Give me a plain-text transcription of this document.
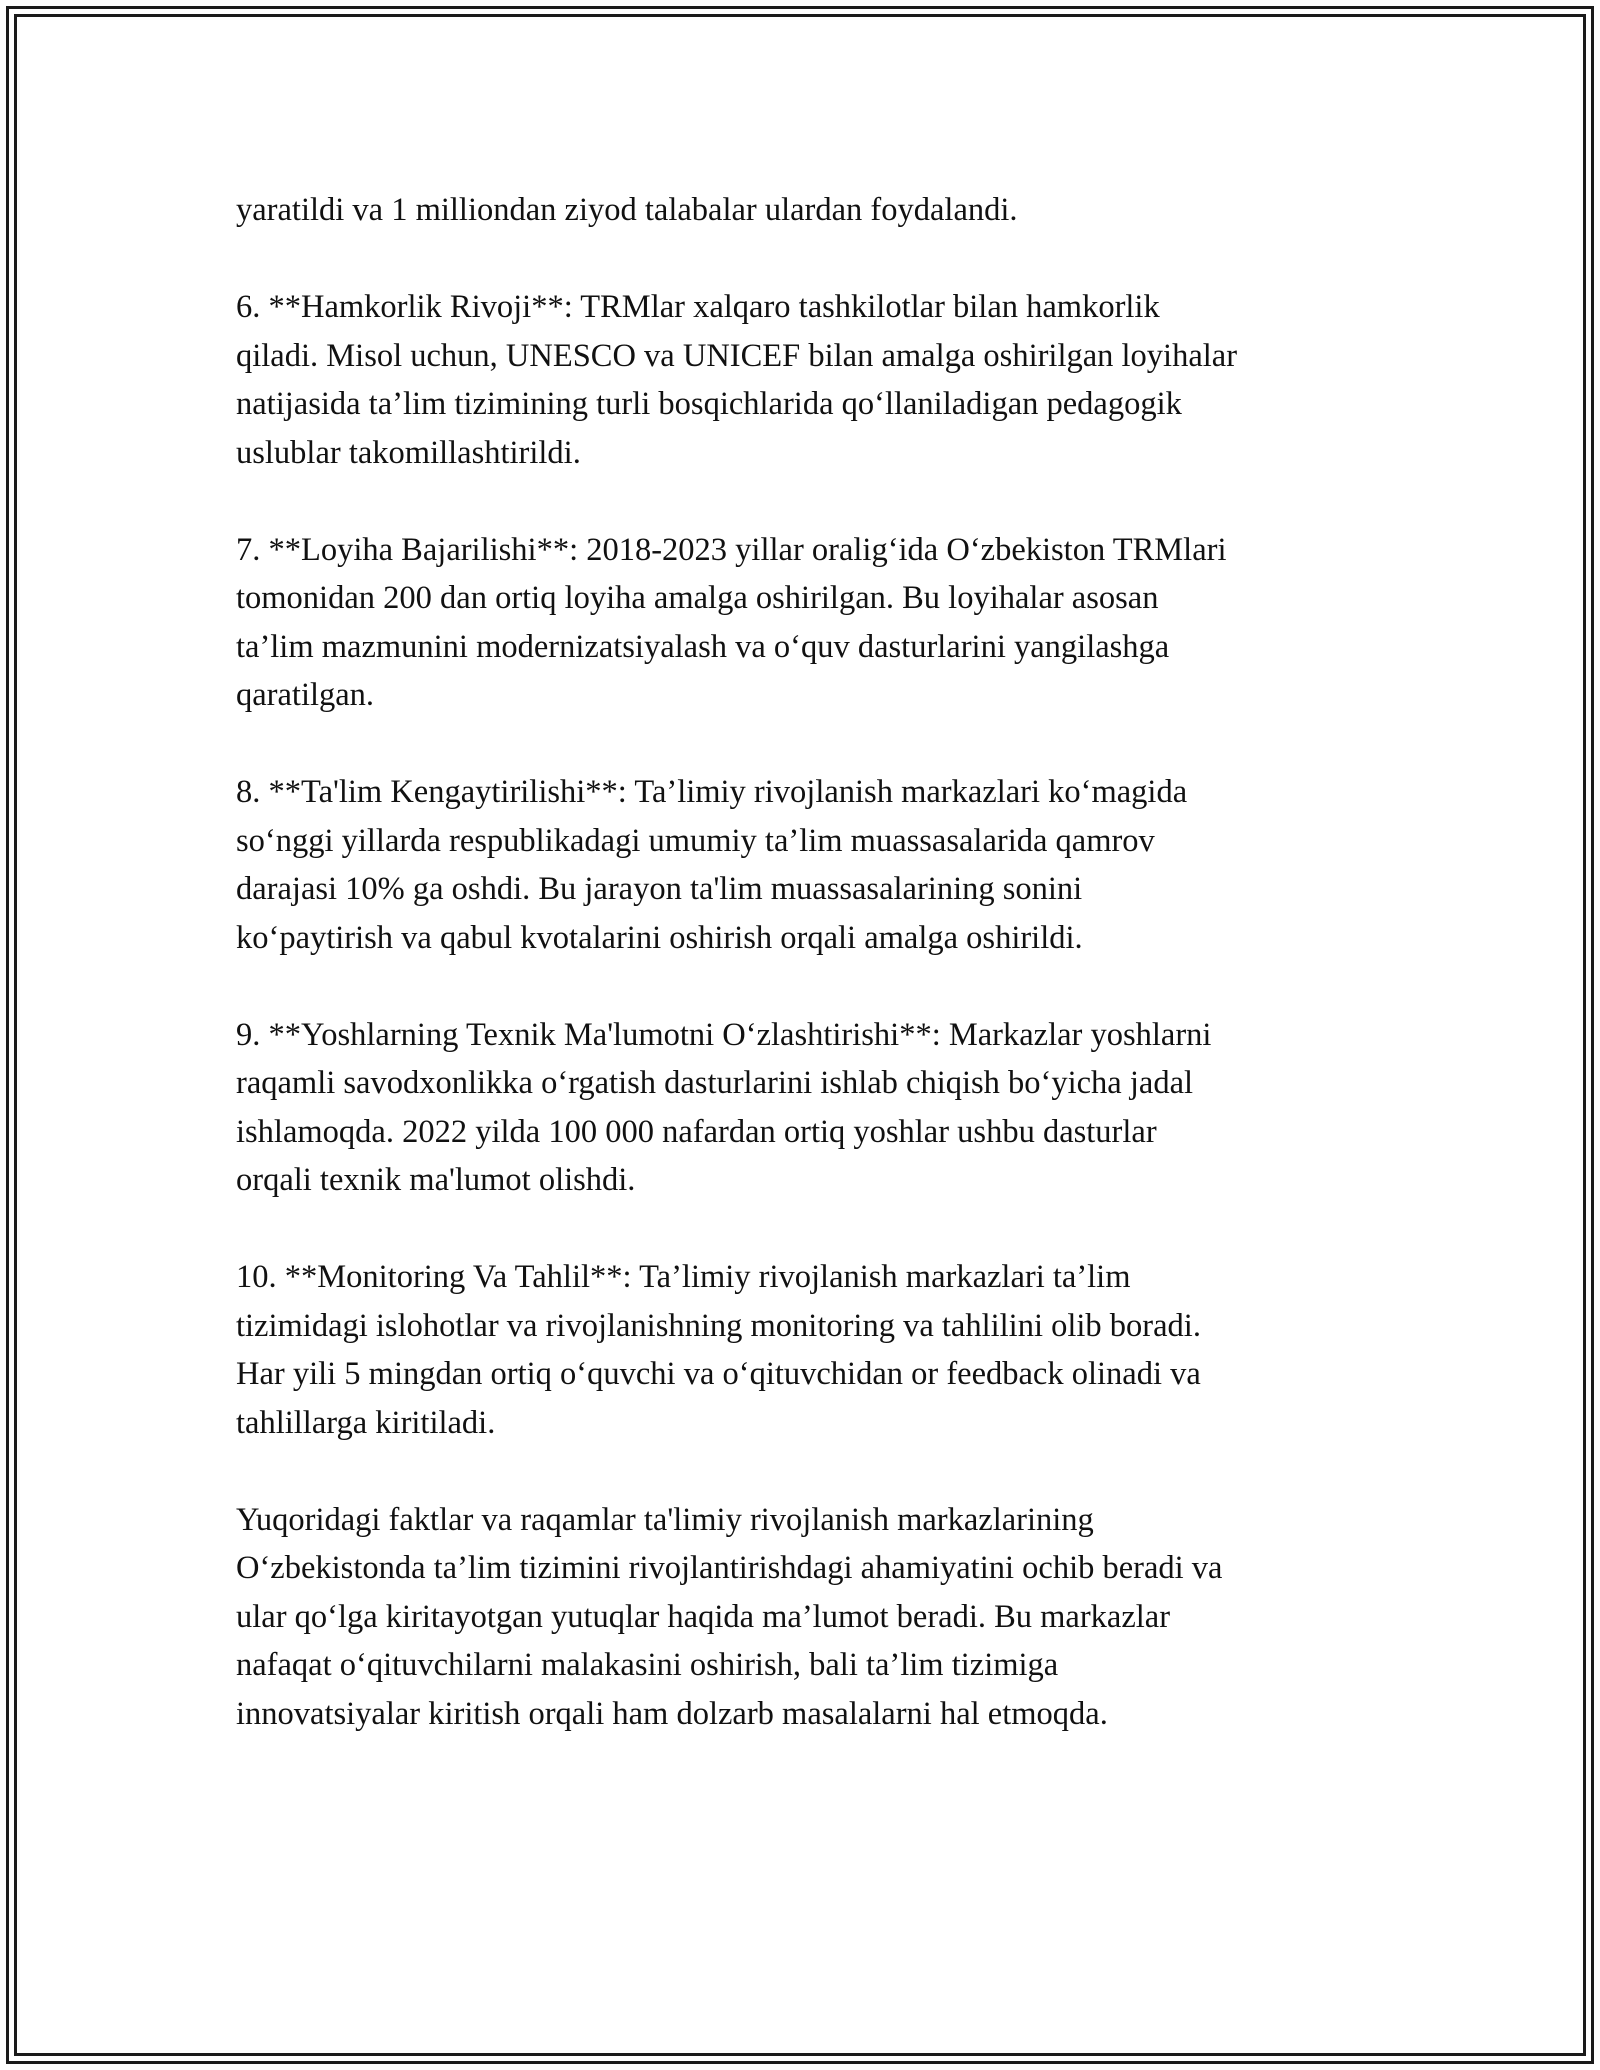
yaratildi va 1 milliondan ziyod talabalar ulardan foydalandi.

6. **Hamkorlik Rivoji**: TRMlar xalqaro tashkilotlar bilan hamkorlik
qiladi. Misol uchun, UNESCO va UNICEF bilan amalga oshirilgan loyihalar
natijasida ta’lim tizimining turli bosqichlarida qo‘llaniladigan pedagogik
uslublar takomillashtirildi.

7. **Loyiha Bajarilishi**: 2018-2023 yillar oralig‘ida O‘zbekiston TRMlari
tomonidan 200 dan ortiq loyiha amalga oshirilgan. Bu loyihalar asosan
ta’lim mazmunini modernizatsiyalash va o‘quv dasturlarini yangilashga
qaratilgan.

8. **Ta'lim Kengaytirilishi**: Ta’limiy rivojlanish markazlari ko‘magida
so‘nggi yillarda respublikadagi umumiy ta’lim muassasalarida qamrov
darajasi 10% ga oshdi. Bu jarayon ta'lim muassasalarining sonini
ko‘paytirish va qabul kvotalarini oshirish orqali amalga oshirildi.

9. **Yoshlarning Texnik Ma'lumotni O‘zlashtirishi**: Markazlar yoshlarni
raqamli savodxonlikka o‘rgatish dasturlarini ishlab chiqish bo‘yicha jadal
ishlamoqda. 2022 yilda 100 000 nafardan ortiq yoshlar ushbu dasturlar
orqali texnik ma'lumot olishdi.

10. **Monitoring Va Tahlil**: Ta’limiy rivojlanish markazlari ta’lim
tizimidagi islohotlar va rivojlanishning monitoring va tahlilini olib boradi.
Har yili 5 mingdan ortiq o‘quvchi va o‘qituvchidan or feedback olinadi va
tahlillarga kiritiladi.

Yuqoridagi faktlar va raqamlar ta'limiy rivojlanish markazlarining
O‘zbekistonda ta’lim tizimini rivojlantirishdagi ahamiyatini ochib beradi va
ular qo‘lga kiritayotgan yutuqlar haqida ma’lumot beradi. Bu markazlar
nafaqat o‘qituvchilarni malakasini oshirish, bali ta’lim tizimiga
innovatsiyalar kiritish orqali ham dolzarb masalalarni hal etmoqda.
